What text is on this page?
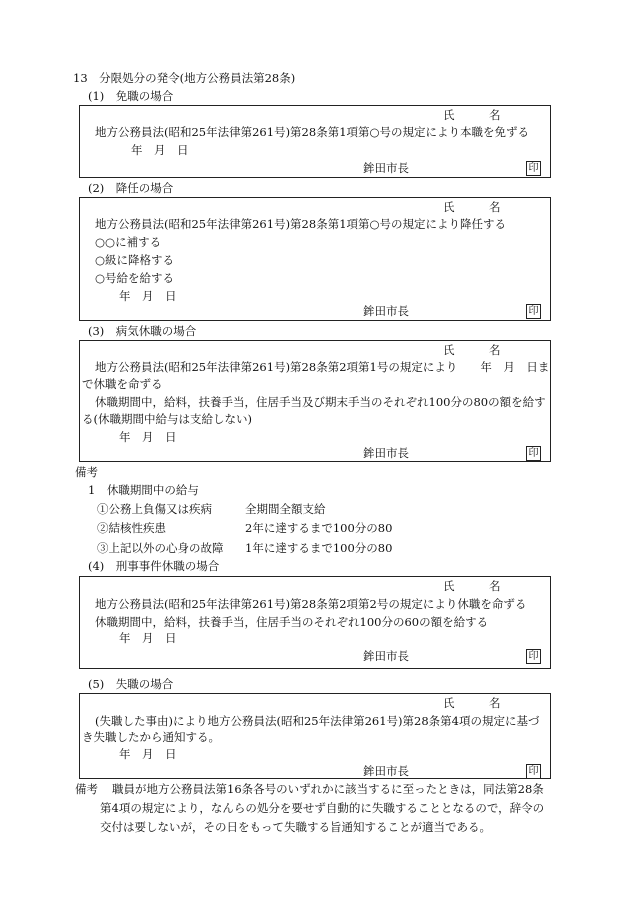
13　分限処分の発令(地方公務員法第28条)
(1)　免職の場合
氏　　　名
地方公務員法(昭和25年法律第261号)第28条第1項第○号の規定により本職を免ずる
年　月　日
鉾田市長	印
(2)　降任の場合
氏　　　名
地方公務員法(昭和25年法律第261号)第28条第1項第○号の規定により降任する
○○に補する
○級に降格する
○号給を給する
年　月　日
鉾田市長	印
(3)　病気休職の場合
氏　　　名
地方公務員法(昭和25年法律第261号)第28条第2項第1号の規定により　　年　月　日ま
で休職を命ずる
休職期間中，給料，扶養手当，住居手当及び期末手当のそれぞれ100分の80の額を給す
る(休職期間中給与は支給しない)
年　月　日
鉾田市長	印
備考
1　休職期間中の給与
①公務上負傷又は疾病	全期間全額支給
②結核性疾患	2年に達するまで100分の80
③上記以外の心身の故障 1年に達するまで100分の80
(4)　刑事事件休職の場合
氏　　　名
地方公務員法(昭和25年法律第261号)第28条第2項第2号の規定により休職を命ずる
休職期間中，給料，扶養手当，住居手当のそれぞれ100分の60の額を給する
年　月　日
鉾田市長	印
(5)　失職の場合
氏　　　名
(失職した事由)により地方公務員法(昭和25年法律第261号)第28条第4項の規定に基づ
き失職したから通知する。
年　月　日
鉾田市長	印
備考 職員が地方公務員法第16条各号のいずれかに該当するに至ったときは，同法第28条
第4項の規定により，なんらの処分を要せず自動的に失職することとなるので，辞令の
交付は要しないが，その日をもって失職する旨通知することが適当である。
